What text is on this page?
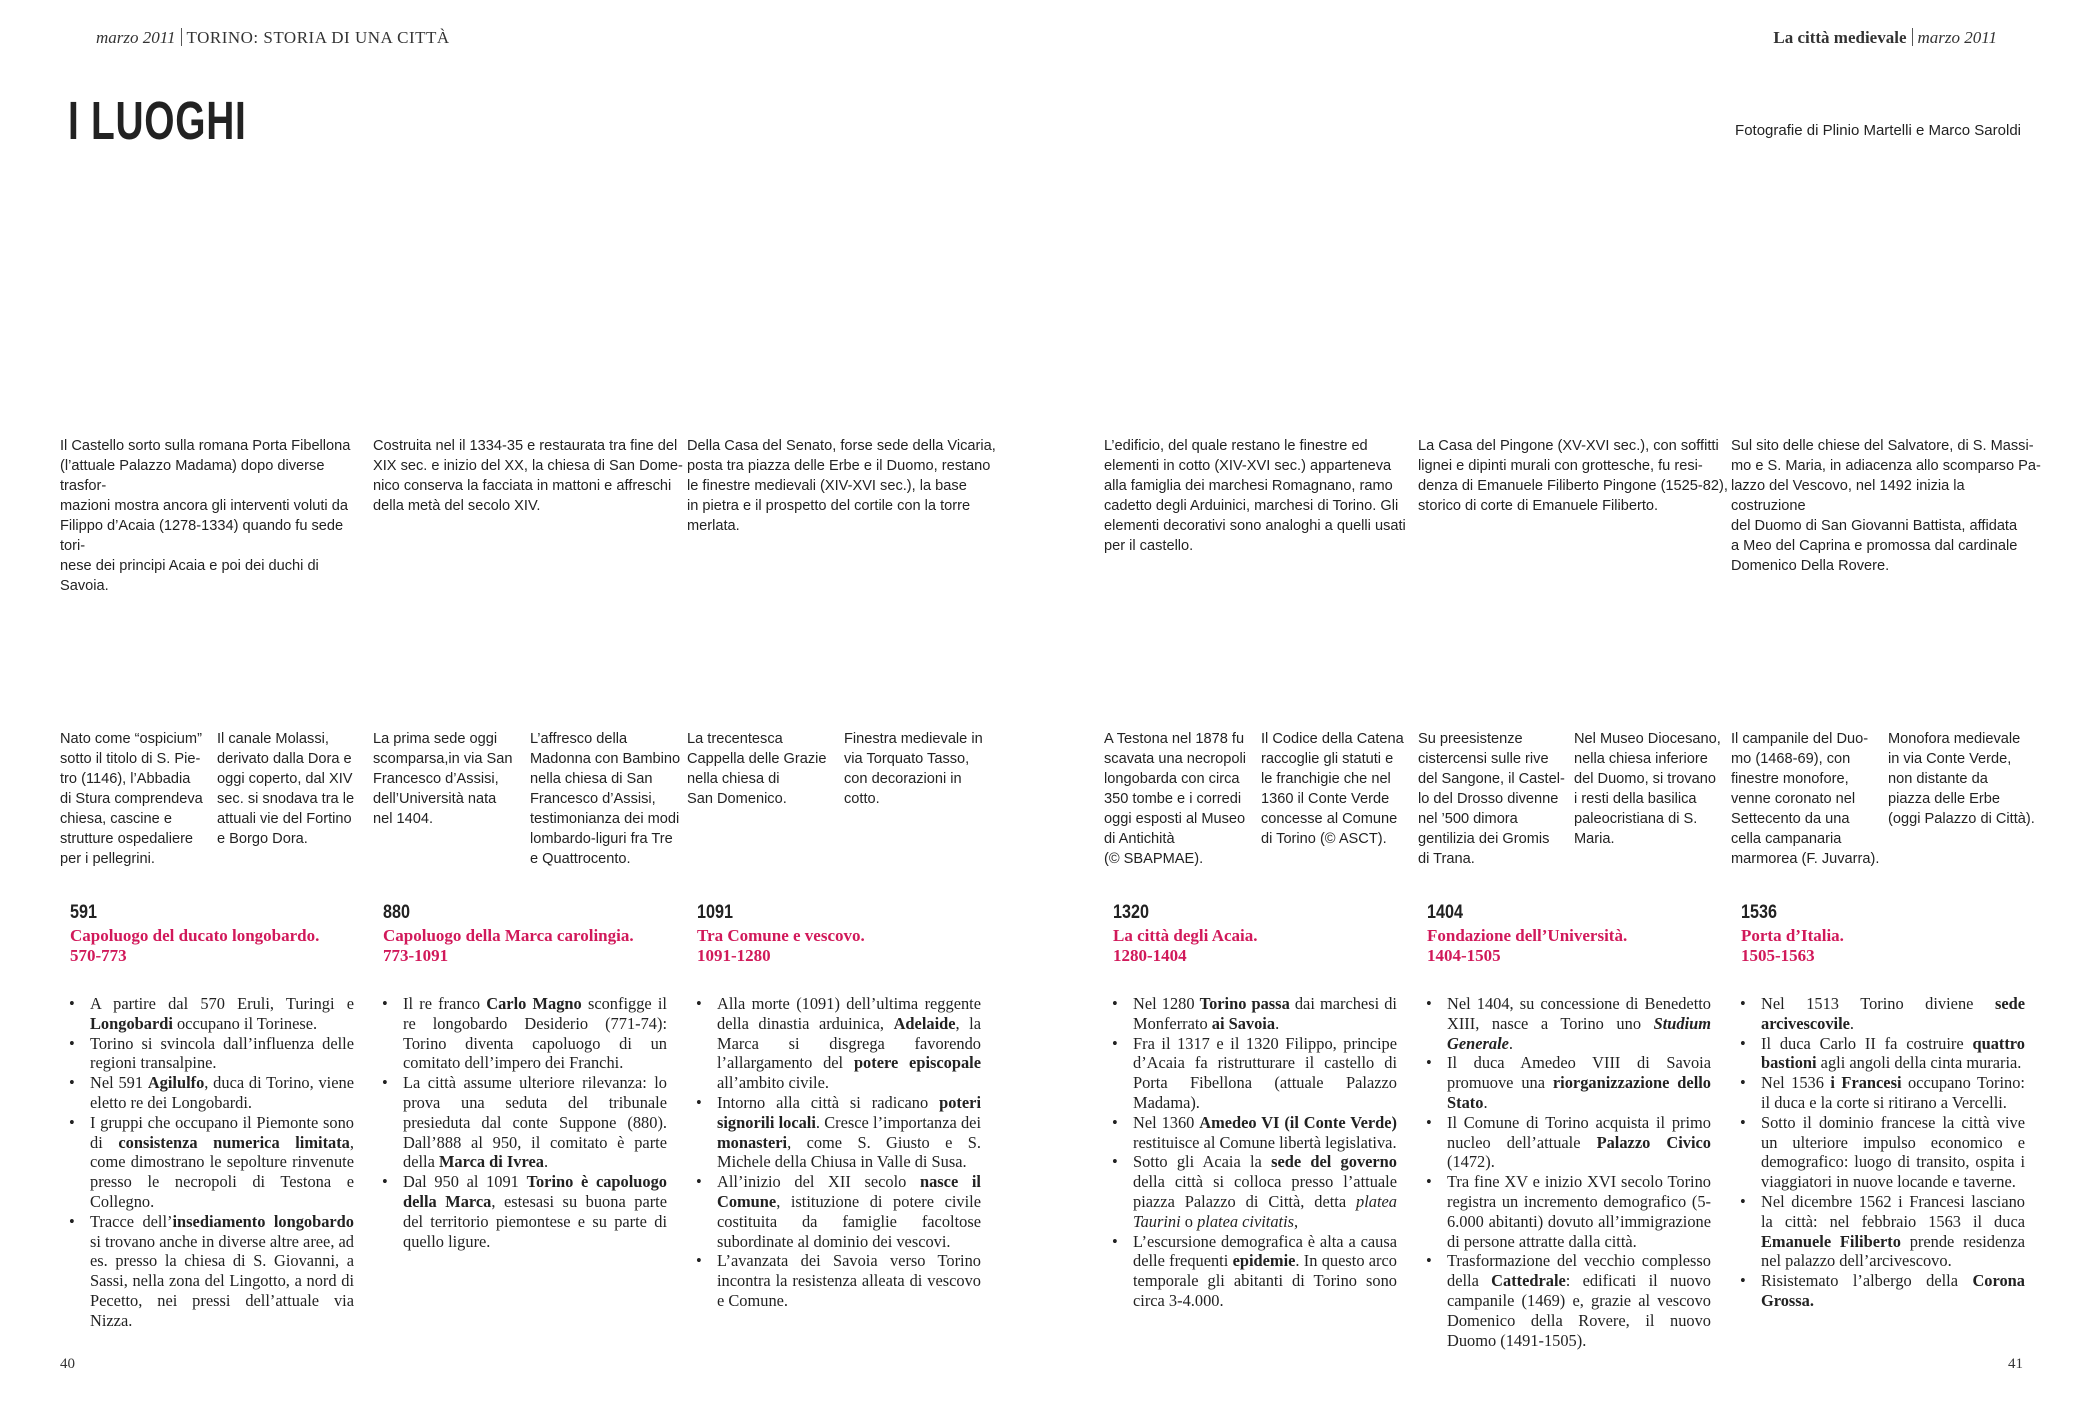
marzo 2011 TORINO: STORIA DI UNA CITTÀ	La città medievale marzo 2011
I LUOGHI	Fotografie di Plinio Martelli e Marco Saroldi
Il Castello sorto sulla romana Porta Fibellona
(l’attuale Palazzo Madama) dopo diverse trasfor-
mazioni mostra ancora gli interventi voluti da
Filippo d’Acaia (1278-1334) quando fu sede tori-
nese dei principi Acaia e poi dei duchi di Savoia.
Costruita nel il 1334-35 e restaurata tra fine del
XIX sec. e inizio del XX, la chiesa di San Dome-
nico conserva la facciata in mattoni e affreschi
della metà del secolo XIV.
Della Casa del Senato, forse sede della Vicaria,
posta tra piazza delle Erbe e il Duomo, restano
le finestre medievali (XIV-XVI sec.), la base
in pietra e il prospetto del cortile con la torre
merlata.
L’edificio, del quale restano le finestre ed
elementi in cotto (XIV-XVI sec.) apparteneva
alla famiglia dei marchesi Romagnano, ramo
cadetto degli Arduinici, marchesi di Torino. Gli
elementi decorativi sono analoghi a quelli usati
per il castello.
La Casa del Pingone (XV-XVI sec.), con soffitti
lignei e dipinti murali con grottesche, fu resi-
denza di Emanuele Filiberto Pingone (1525-82),
storico di corte di Emanuele Filiberto.
Sul sito delle chiese del Salvatore, di S. Massi-
mo e S. Maria, in adiacenza allo scomparso Pa-
lazzo del Vescovo, nel 1492 inizia la costruzione
del Duomo di San Giovanni Battista, affidata
a Meo del Caprina e promossa dal cardinale
Domenico Della Rovere.
Nato come “ospicium”
sotto il titolo di S. Pie-
tro (1146), l’Abbadia
di Stura comprendeva
chiesa, cascine e
strutture ospedaliere
per i pellegrini.
Il canale Molassi,
derivato dalla Dora e
oggi coperto, dal XIV
sec. si snodava tra le
attuali vie del Fortino
e Borgo Dora.
La prima sede oggi
scomparsa,in via San
Francesco d’Assisi,
dell’Università nata
nel 1404.
L’affresco della
Madonna con Bambino
nella chiesa di San
Francesco d’Assisi,
testimonianza dei modi
lombardo-liguri fra Tre
e Quattrocento.
La trecentesca
Cappella delle Grazie
nella chiesa di
San Domenico.
Finestra medievale in
via Torquato Tasso,
con decorazioni in
cotto.
A Testona nel 1878 fu
scavata una necropoli
longobarda con circa
350 tombe e i corredi
oggi esposti al Museo
di Antichità
(© SBAPMAE).
Il Codice della Catena
raccoglie gli statuti e
le franchigie che nel
1360 il Conte Verde
concesse al Comune
di Torino (© ASCT).
Su preesistenze
cistercensi sulle rive
del Sangone, il Castel-
lo del Drosso divenne
nel ’500 dimora
gentilizia dei Gromis
di Trana.
Nel Museo Diocesano,
nella chiesa inferiore
del Duomo, si trovano
i resti della basilica
paleocristiana di S.
Maria.
Il campanile del Duo-
mo (1468-69), con
finestre monofore,
venne coronato nel
Settecento da una
cella campanaria
marmorea (F. Juvarra).
Monofora medievale
in via Conte Verde,
non distante da
piazza delle Erbe
(oggi Palazzo di Città).
591
Capoluogo del ducato longobardo.
570-773
• A partire dal 570 Eruli, Turingi e Longobardi occupano il Torinese.
• Torino si svincola dall’influenza delle regioni transalpine.
• Nel 591 Agilulfo, duca di Torino, viene eletto re dei Longobardi.
• I gruppi che occupano il Piemonte sono di consistenza numerica limitata, come dimostrano le sepolture rinvenute presso le necropoli di Testona e Collegno.
• Tracce dell’insediamento longobardo si trovano anche in diverse altre aree, ad es. presso la chiesa di S. Giovanni, a Sassi, nella zona del Lingotto, a nord di Pecetto, nei pressi dell’attuale via Nizza.
880
Capoluogo della Marca carolingia.
773-1091
• Il re franco Carlo Magno sconfigge il re longobardo Desiderio (771-74): Torino diventa capoluogo di un comitato dell’impero dei Franchi.
• La città assume ulteriore rilevanza: lo prova una seduta del tribunale presieduta dal conte Suppone (880). Dall’888 al 950, il comitato è parte della Marca di Ivrea.
• Dal 950 al 1091 Torino è capoluogo della Marca, estesasi su buona parte del territorio piemontese e su parte di quello ligure.
1091
Tra Comune e vescovo.
1091-1280
• Alla morte (1091) dell’ultima reggente della dinastia arduinica, Adelaide, la Marca si disgrega favorendo l’allargamento del potere episcopale all’ambito civile.
• Intorno alla città si radicano poteri signorili locali. Cresce l’importanza dei monasteri, come S. Giusto e S. Michele della Chiusa in Valle di Susa.
• All’inizio del XII secolo nasce il Comune, istituzione di potere civile costituita da famiglie facoltose subordinate al dominio dei vescovi.
• L’avanzata dei Savoia verso Torino incontra la resistenza alleata di vescovo e Comune.
1320
La città degli Acaia.
1280-1404
• Nel 1280 Torino passa dai marchesi di Monferrato ai Savoia.
• Fra il 1317 e il 1320 Filippo, principe d’Acaia fa ristrutturare il castello di Porta Fibellona (attuale Palazzo Madama).
• Nel 1360 Amedeo VI (il Conte Verde) restituisce al Comune libertà legislativa.
• Sotto gli Acaia la sede del governo della città si colloca presso l’attuale piazza Palazzo di Città, detta platea Taurini o platea civitatis,
• L’escursione demografica è alta a causa delle frequenti epidemie. In questo arco temporale gli abitanti di Torino sono circa 3-4.000.
1404
Fondazione dell’Università.
1404-1505
• Nel 1404, su concessione di Benedetto XIII, nasce a Torino uno Studium Generale.
• Il duca Amedeo VIII di Savoia promuove una riorganizzazione dello Stato.
• Il Comune di Torino acquista il primo nucleo dell’attuale Palazzo Civico (1472).
• Tra fine XV e inizio XVI secolo Torino registra un incremento demografico (5-6.000 abitanti) dovuto all’immigrazione di persone attratte dalla città.
• Trasformazione del vecchio complesso della Cattedrale: edificati il nuovo campanile (1469) e, grazie al vescovo Domenico della Rovere, il nuovo Duomo (1491-1505).
1536
Porta d’Italia.
1505-1563
• Nel 1513 Torino diviene sede arcivescovile.
• Il duca Carlo II fa costruire quattro bastioni agli angoli della cinta muraria.
• Nel 1536 i Francesi occupano Torino: il duca e la corte si ritirano a Vercelli.
• Sotto il dominio francese la città vive un ulteriore impulso economico e demografico: luogo di transito, ospita i viaggiatori in nuove locande e taverne.
• Nel dicembre 1562 i Francesi lasciano la città: nel febbraio 1563 il duca Emanuele Filiberto prende residenza nel palazzo dell’arcivescovo.
• Risistemato l’albergo della Corona Grossa.
40	41
